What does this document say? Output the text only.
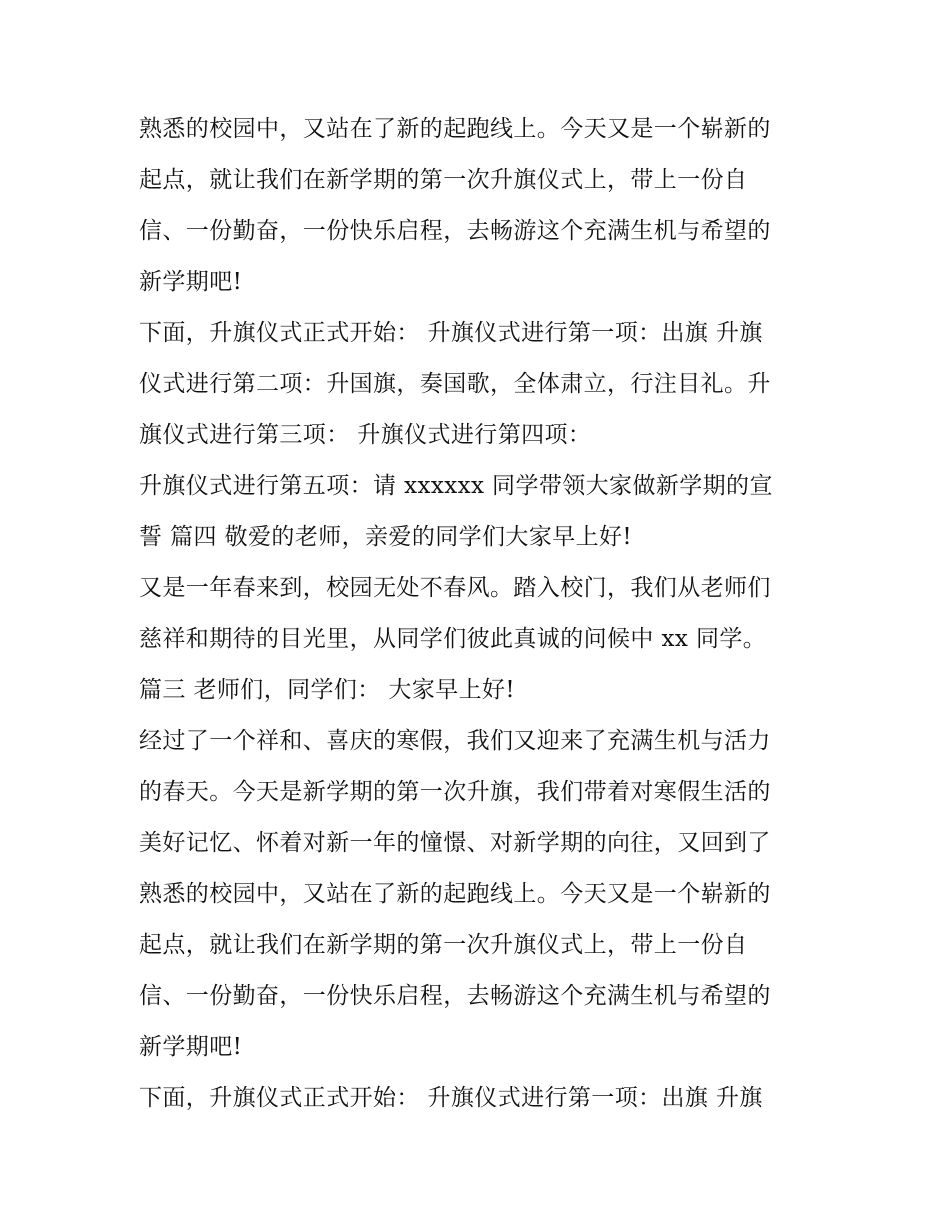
熟悉的校园中，又站在了新的起跑线上。今天又是一个崭新的
起点，就让我们在新学期的第一次升旗仪式上，带上一份自
信、一份勤奋，一份快乐启程，去畅游这个充满生机与希望的
新学期吧!
下面，升旗仪式正式开始： 升旗仪式进行第一项：出旗 升旗
仪式进行第二项：升国旗，奏国歌，全体肃立，行注目礼。升
旗仪式进行第三项： 升旗仪式进行第四项：
升旗仪式进行第五项：请 xxxxxx 同学带领大家做新学期的宣
誓 篇四 敬爱的老师，亲爱的同学们大家早上好!
又是一年春来到，校园无处不春风。踏入校门，我们从老师们
慈祥和期待的目光里，从同学们彼此真诚的问候中 xx 同学。
篇三 老师们，同学们： 大家早上好!
经过了一个祥和、喜庆的寒假，我们又迎来了充满生机与活力
的春天。今天是新学期的第一次升旗，我们带着对寒假生活的
美好记忆、怀着对新一年的憧憬、对新学期的向往，又回到了
熟悉的校园中，又站在了新的起跑线上。今天又是一个崭新的
起点，就让我们在新学期的第一次升旗仪式上，带上一份自
信、一份勤奋，一份快乐启程，去畅游这个充满生机与希望的
新学期吧!
下面，升旗仪式正式开始： 升旗仪式进行第一项：出旗 升旗
